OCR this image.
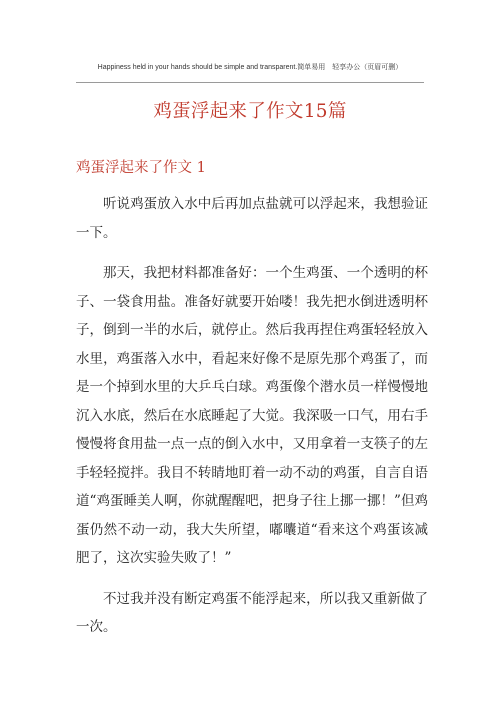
Happiness held in your hands should be simple and transparent.简单易用　轻享办公（页眉可删）
鸡蛋浮起来了作文15篇
鸡蛋浮起来了作文 1

听说鸡蛋放入水中后再加点盐就可以浮起来，我想验证一下。

那天，我把材料都准备好：一个生鸡蛋、一个透明的杯子、一袋食用盐。准备好就要开始喽！我先把水倒进透明杯子，倒到一半的水后，就停止。然后我再捏住鸡蛋轻轻放入水里，鸡蛋落入水中，看起来好像不是原先那个鸡蛋了，而是一个掉到水里的大乒乓白球。鸡蛋像个潜水员一样慢慢地沉入水底，然后在水底睡起了大觉。我深吸一口气，用右手慢慢将食用盐一点一点的倒入水中，又用拿着一支筷子的左手轻轻搅拌。我目不转睛地盯着一动不动的鸡蛋，自言自语道“鸡蛋睡美人啊，你就醒醒吧，把身子往上挪一挪！”但鸡蛋仍然不动一动，我大失所望，嘟囔道“看来这个鸡蛋该减肥了，这次实验失败了！”

不过我并没有断定鸡蛋不能浮起来，所以我又重新做了一次。
